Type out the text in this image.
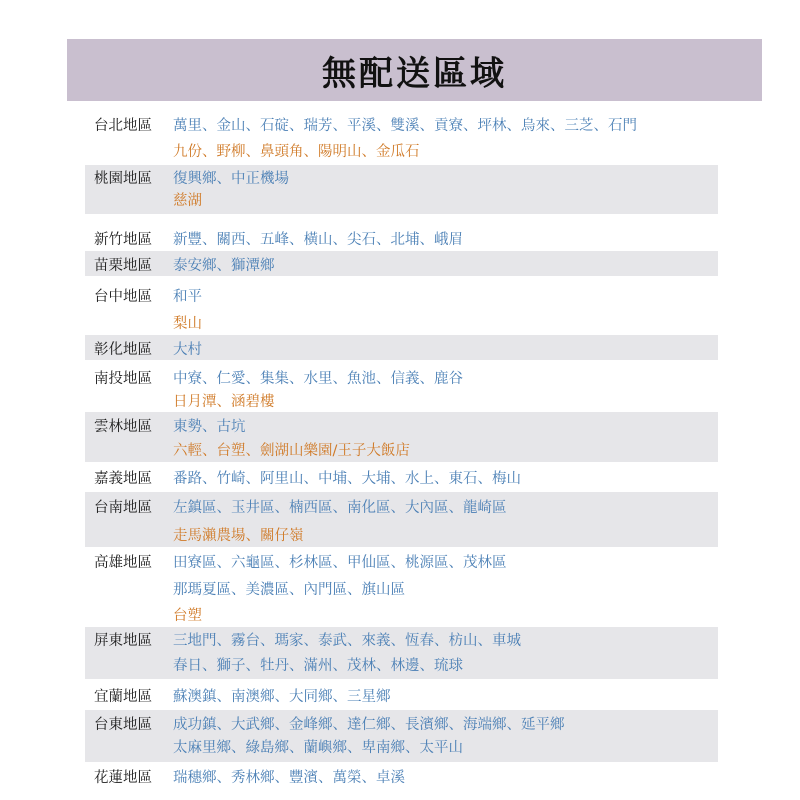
無配送區域
台北地區 萬里、金山、石碇、瑞芳、平溪、雙溪、貢寮、坪林、烏來、三芝、石門
九份、野柳、鼻頭角、陽明山、金瓜石
桃園地區 復興鄉、中正機場
慈湖
新竹地區 新豐、關西、五峰、橫山、尖石、北埔、峨眉
苗栗地區 泰安鄉、獅潭鄉
台中地區 和平
梨山
彰化地區 大村
南投地區 中寮、仁愛、集集、水里、魚池、信義、鹿谷
日月潭、涵碧樓
雲林地區 東勢、古坑
六輕、台塑、劍湖山樂園/王子大飯店
嘉義地區 番路、竹崎、阿里山、中埔、大埔、水上、東石、梅山
台南地區 左鎮區、玉井區、楠西區、南化區、大內區、龍崎區
走馬瀨農場、關仔嶺
高雄地區 田寮區、六龜區、杉林區、甲仙區、桃源區、茂林區
那瑪夏區、美濃區、內門區、旗山區
台塑
屏東地區 三地門、霧台、瑪家、泰武、來義、恆春、枋山、車城
春日、獅子、牡丹、滿州、茂林、林邊、琉球
宜蘭地區 蘇澳鎮、南澳鄉、大同鄉、三星鄉
台東地區 成功鎮、大武鄉、金峰鄉、達仁鄉、長濱鄉、海端鄉、延平鄉
太麻里鄉、綠島鄉、蘭嶼鄉、卑南鄉、太平山
花蓮地區 瑞穗鄉、秀林鄉、豐濱、萬榮、卓溪
